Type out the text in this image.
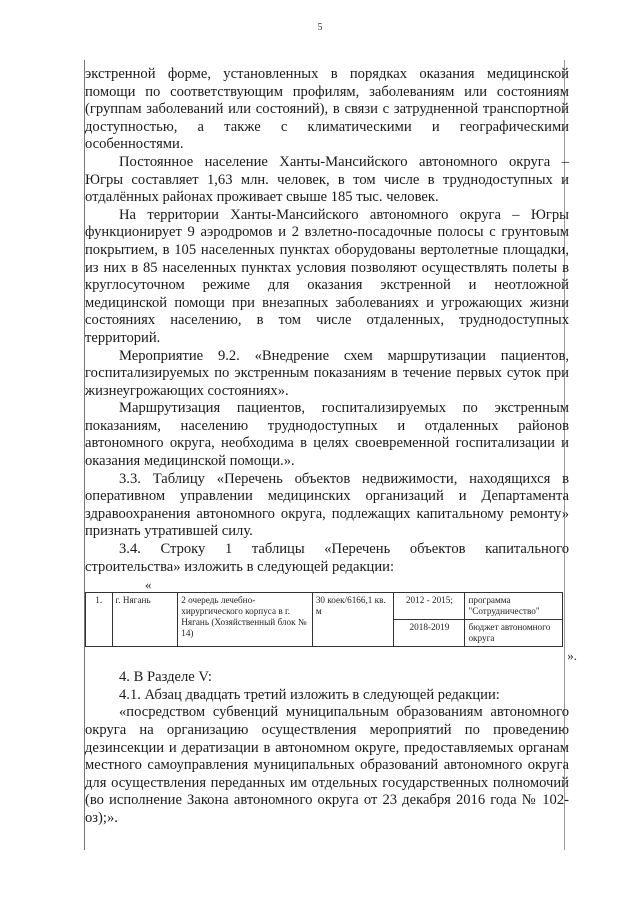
5

экстренной форме, установленных в порядках оказания медицинской помощи по соответствующим профилям, заболеваниям или состояниям (группам заболеваний или состояний), в связи с затрудненной транспортной доступностью, а также с климатическими и географическими особенностями.

Постоянное население Ханты-Мансийского автономного округа – Югры составляет 1,63 млн. человек, в том числе в труднодоступных и отдалённых районах проживает свыше 185 тыс. человек.

На территории Ханты-Мансийского автономного округа – Югры функционирует 9 аэродромов и 2 взлетно-посадочные полосы с грунтовым покрытием, в 105 населенных пунктах оборудованы вертолетные площадки, из них в 85 населенных пунктах условия позволяют осуществлять полеты в круглосуточном режиме для оказания экстренной и неотложной медицинской помощи при внезапных заболеваниях и угрожающих жизни состояниях населению, в том числе отдаленных, труднодоступных территорий.

Мероприятие 9.2. «Внедрение схем маршрутизации пациентов, госпитализируемых по экстренным показаниям в течение первых суток при жизнеугрожающих состояниях».

Маршрутизация пациентов, госпитализируемых по экстренным показаниям, населению труднодоступных и отдаленных районов автономного округа, необходима в целях своевременной госпитализации и оказания медицинской помощи.».

3.3. Таблицу «Перечень объектов недвижимости, находящихся в оперативном управлении медицинских организаций и Департамента здравоохранения автономного округа, подлежащих капитальному ремонту» признать утратившей силу.

3.4. Строку 1 таблицы «Перечень объектов капитального строительства» изложить в следующей редакции:

«
1.	г. Нягань	2 очередь лечебно-хирургического корпуса в г. Нягань (Хозяйственный блок № 14)	30 коек/6166,1 кв. м	2012 - 2015;	программа "Сотрудничество"
				2018-2019	бюджет автономного округа
».

4. В Разделе V:

4.1. Абзац двадцать третий изложить в следующей редакции:

«посредством субвенций муниципальным образованиям автономного округа на организацию осуществления мероприятий по проведению дезинсекции и дератизации в автономном округе, предоставляемых органам местного самоуправления муниципальных образований автономного округа для осуществления переданных им отдельных государственных полномочий (во исполнение Закона автономного округа от 23 декабря 2016 года № 102-оз);».
